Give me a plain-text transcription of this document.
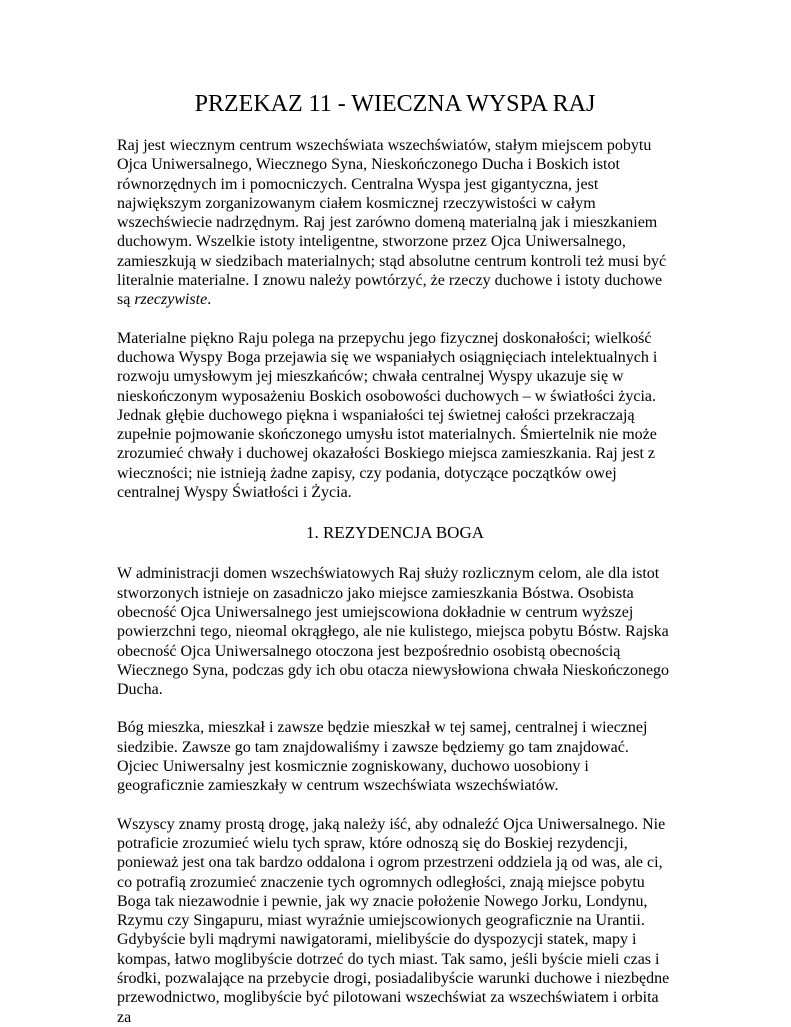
PRZEKAZ 11 - WIECZNA WYSPA RAJ

Raj jest wiecznym centrum wszechświata wszechświatów, stałym miejscem pobytu Ojca Uniwersalnego, Wiecznego Syna, Nieskończonego Ducha i Boskich istot równorzędnych im i pomocniczych. Centralna Wyspa jest gigantyczna, jest największym zorganizowanym ciałem kosmicznej rzeczywistości w całym wszechświecie nadrzędnym. Raj jest zarówno domeną materialną jak i mieszkaniem duchowym. Wszelkie istoty inteligentne, stworzone przez Ojca Uniwersalnego, zamieszkują w siedzibach materialnych; stąd absolutne centrum kontroli też musi być literalnie materialne. I znowu należy powtórzyć, że rzeczy duchowe i istoty duchowe są rzeczywiste.

Materialne piękno Raju polega na przepychu jego fizycznej doskonałości; wielkość duchowa Wyspy Boga przejawia się we wspaniałych osiągnięciach intelektualnych i rozwoju umysłowym jej mieszkańców; chwała centralnej Wyspy ukazuje się w nieskończonym wyposażeniu Boskich osobowości duchowych – w światłości życia. Jednak głębie duchowego piękna i wspaniałości tej świetnej całości przekraczają zupełnie pojmowanie skończonego umysłu istot materialnych. Śmiertelnik nie może zrozumieć chwały i duchowej okazałości Boskiego miejsca zamieszkania. Raj jest z wieczności; nie istnieją żadne zapisy, czy podania, dotyczące początków owej centralnej Wyspy Światłości i Życia.

1. REZYDENCJA BOGA

W administracji domen wszechświatowych Raj służy rozlicznym celom, ale dla istot stworzonych istnieje on zasadniczo jako miejsce zamieszkania Bóstwa. Osobista obecność Ojca Uniwersalnego jest umiejscowiona dokładnie w centrum wyższej powierzchni tego, nieomal okrągłego, ale nie kulistego, miejsca pobytu Bóstw. Rajska obecność Ojca Uniwersalnego otoczona jest bezpośrednio osobistą obecnością Wiecznego Syna, podczas gdy ich obu otacza niewysłowiona chwała Nieskończonego Ducha.

Bóg mieszka, mieszkał i zawsze będzie mieszkał w tej samej, centralnej i wiecznej siedzibie. Zawsze go tam znajdowaliśmy i zawsze będziemy go tam znajdować. Ojciec Uniwersalny jest kosmicznie zogniskowany, duchowo uosobiony i geograficznie zamieszkały w centrum wszechświata wszechświatów.

Wszyscy znamy prostą drogę, jaką należy iść, aby odnaleźć Ojca Uniwersalnego. Nie potraficie zrozumieć wielu tych spraw, które odnoszą się do Boskiej rezydencji, ponieważ jest ona tak bardzo oddalona i ogrom przestrzeni oddziela ją od was, ale ci, co potrafią zrozumieć znaczenie tych ogromnych odległości, znają miejsce pobytu Boga tak niezawodnie i pewnie, jak wy znacie położenie Nowego Jorku, Londynu, Rzymu czy Singapuru, miast wyraźnie umiejscowionych geograficznie na Urantii. Gdybyście byli mądrymi nawigatorami, mielibyście do dyspozycji statek, mapy i kompas, łatwo moglibyście dotrzeć do tych miast. Tak samo, jeśli byście mieli czas i środki, pozwalające na przebycie drogi, posiadalibyście warunki duchowe i niezbędne przewodnictwo, moglibyście być pilotowani wszechświat za wszechświatem i orbita za
